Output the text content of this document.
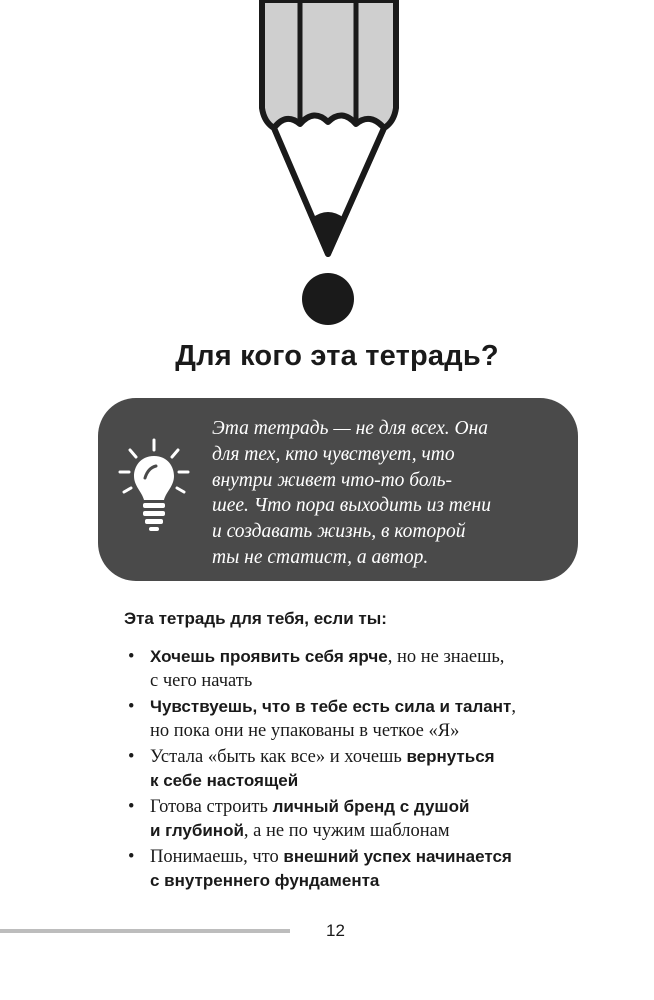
Для кого эта тетрадь?
Эта тетрадь — не для всех. Она
для тех, кто чувствует, что
внутри живет что-то боль-
шее. Что пора выходить из тени
и создавать жизнь, в которой
ты не статист, а автор.
Эта тетрадь для тебя, если ты:
• Хочешь проявить себя ярче, но не знаешь,
с чего начать
• Чувствуешь, что в тебе есть сила и талант,
но пока они не упакованы в четкое «Я»
• Устала «быть как все» и хочешь вернуться
к себе настоящей
• Готова строить личный бренд с душой
и глубиной, а не по чужим шаблонам
• Понимаешь, что внешний успех начинается
с внутреннего фундамента
12
